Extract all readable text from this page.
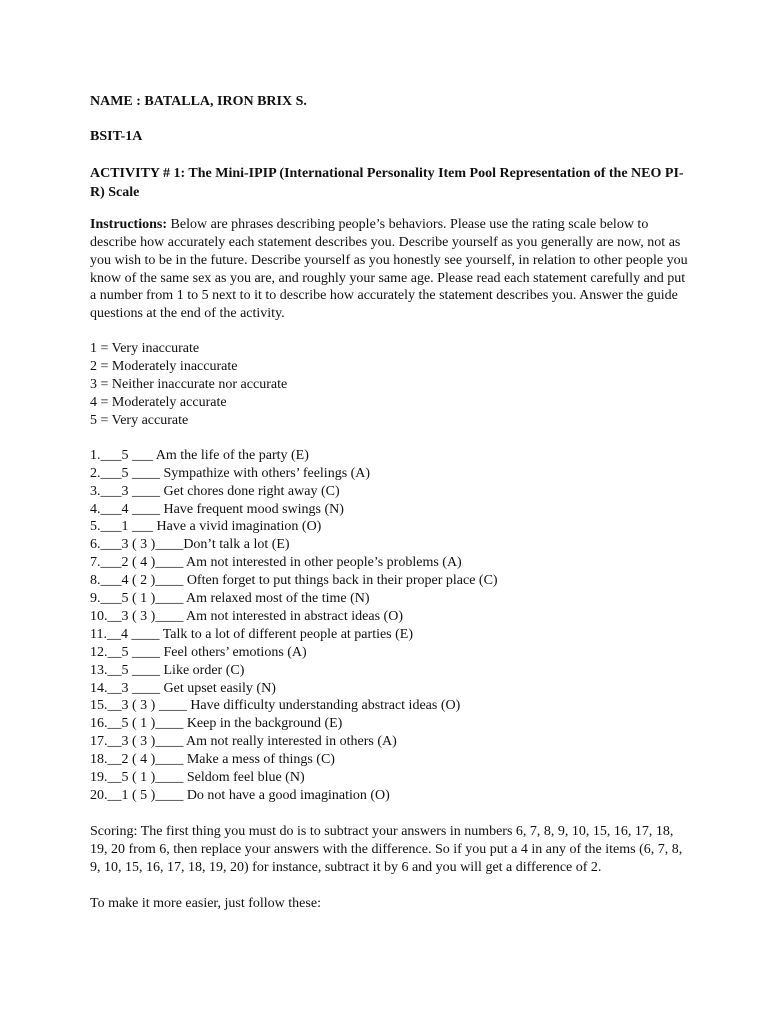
NAME : BATALLA, IRON BRIX S.

BSIT-1A

ACTIVITY # 1: The Mini-IPIP (International Personality Item Pool Representation of the NEO PI- R) Scale

Instructions: Below are phrases describing people’s behaviors. Please use the rating scale below to describe how accurately each statement describes you. Describe yourself as you generally are now, not as you wish to be in the future. Describe yourself as you honestly see yourself, in relation to other people you know of the same sex as you are, and roughly your same age. Please read each statement carefully and put a number from 1 to 5 next to it to describe how accurately the statement describes you. Answer the guide questions at the end of the activity.

1 = Very inaccurate
2 = Moderately inaccurate
3 = Neither inaccurate nor accurate
4 = Moderately accurate
5 = Very accurate
1.___5 ___ Am the life of the party (E)
2.___5 ____ Sympathize with others’ feelings (A)
3.___3 ____ Get chores done right away (C)
4.___4 ____ Have frequent mood swings (N)
5.___1 ___ Have a vivid imagination (O)
6.___3 ( 3 )____Don’t talk a lot (E)
7.___2 ( 4 )____ Am not interested in other people’s problems (A)
8.___4 ( 2 )____ Often forget to put things back in their proper place (C)
9.___5 ( 1 )____ Am relaxed most of the time (N)
10.__3 ( 3 )____ Am not interested in abstract ideas (O)
11.__4 ____ Talk to a lot of different people at parties (E)
12.__5 ____ Feel others’ emotions (A)
13.__5 ____ Like order (C)
14.__3 ____ Get upset easily (N)
15.__3 ( 3 ) ____ Have difficulty understanding abstract ideas (O)
16.__5 ( 1 )____ Keep in the background (E)
17.__3 ( 3 )____ Am not really interested in others (A)
18.__2 ( 4 )____ Make a mess of things (C)
19.__5 ( 1 )____ Seldom feel blue (N)
20.__1 ( 5 )____ Do not have a good imagination (O)

Scoring: The first thing you must do is to subtract your answers in numbers 6, 7, 8, 9, 10, 15, 16, 17, 18, 19, 20 from 6, then replace your answers with the difference. So if you put a 4 in any of the items (6, 7, 8, 9, 10, 15, 16, 17, 18, 19, 20) for instance, subtract it by 6 and you will get a difference of 2.

To make it more easier, just follow these:
